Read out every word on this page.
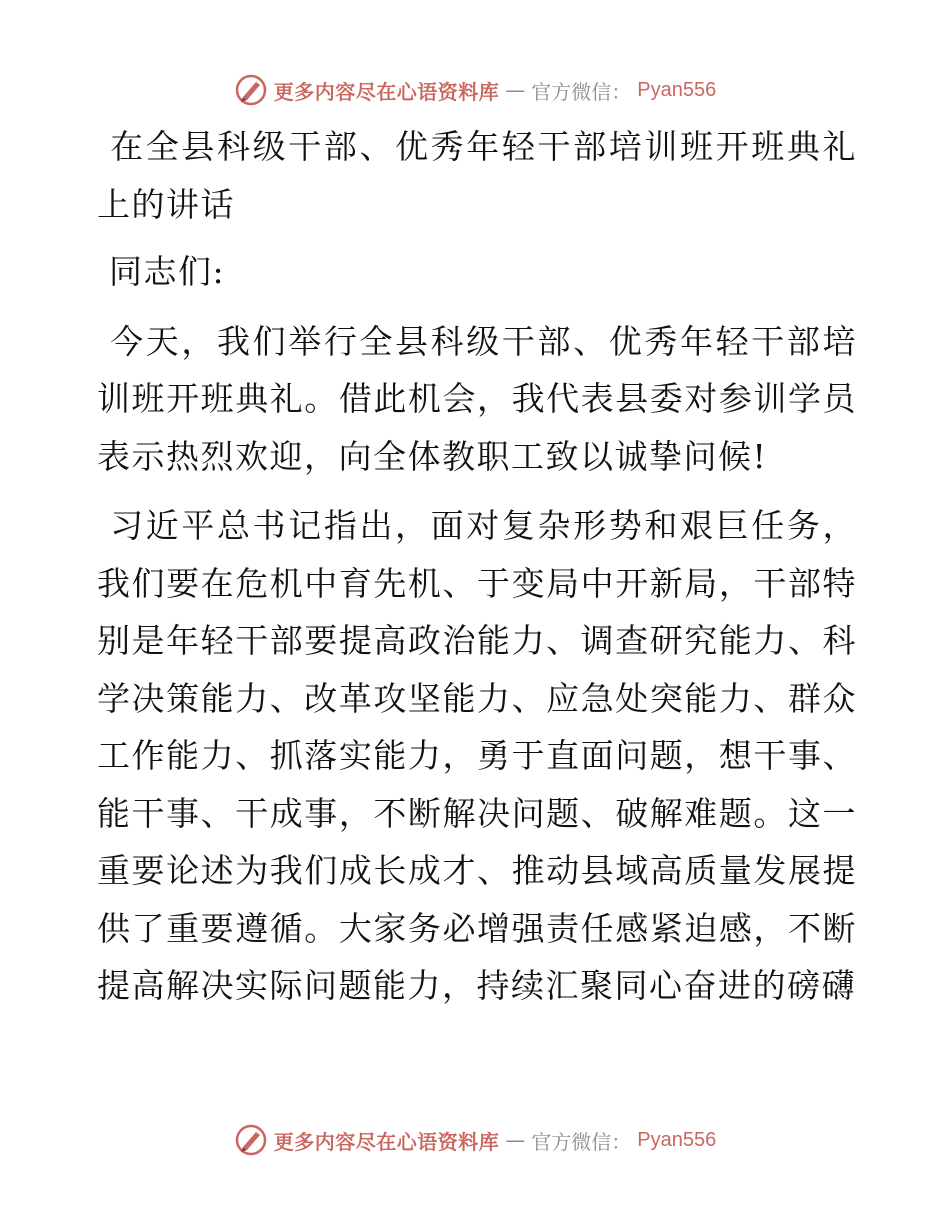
更多内容尽在心语资料库 — 官方微信： Pyan556

在全县科级干部、优秀年轻干部培训班开班典礼上的讲话

同志们:

今天，我们举行全县科级干部、优秀年轻干部培训班开班典礼。借此机会，我代表县委对参训学员表示热烈欢迎，向全体教职工致以诚挚问候!

习近平总书记指出，面对复杂形势和艰巨任务，我们要在危机中育先机、于变局中开新局，干部特别是年轻干部要提高政治能力、调查研究能力、科学决策能力、改革攻坚能力、应急处突能力、群众工作能力、抓落实能力，勇于直面问题，想干事、能干事、干成事，不断解决问题、破解难题。这一重要论述为我们成长成才、推动县域高质量发展提供了重要遵循。大家务必增强责任感紧迫感，不断提高解决实际问题能力，持续汇聚同心奋进的磅礴

更多内容尽在心语资料库 — 官方微信： Pyan556
